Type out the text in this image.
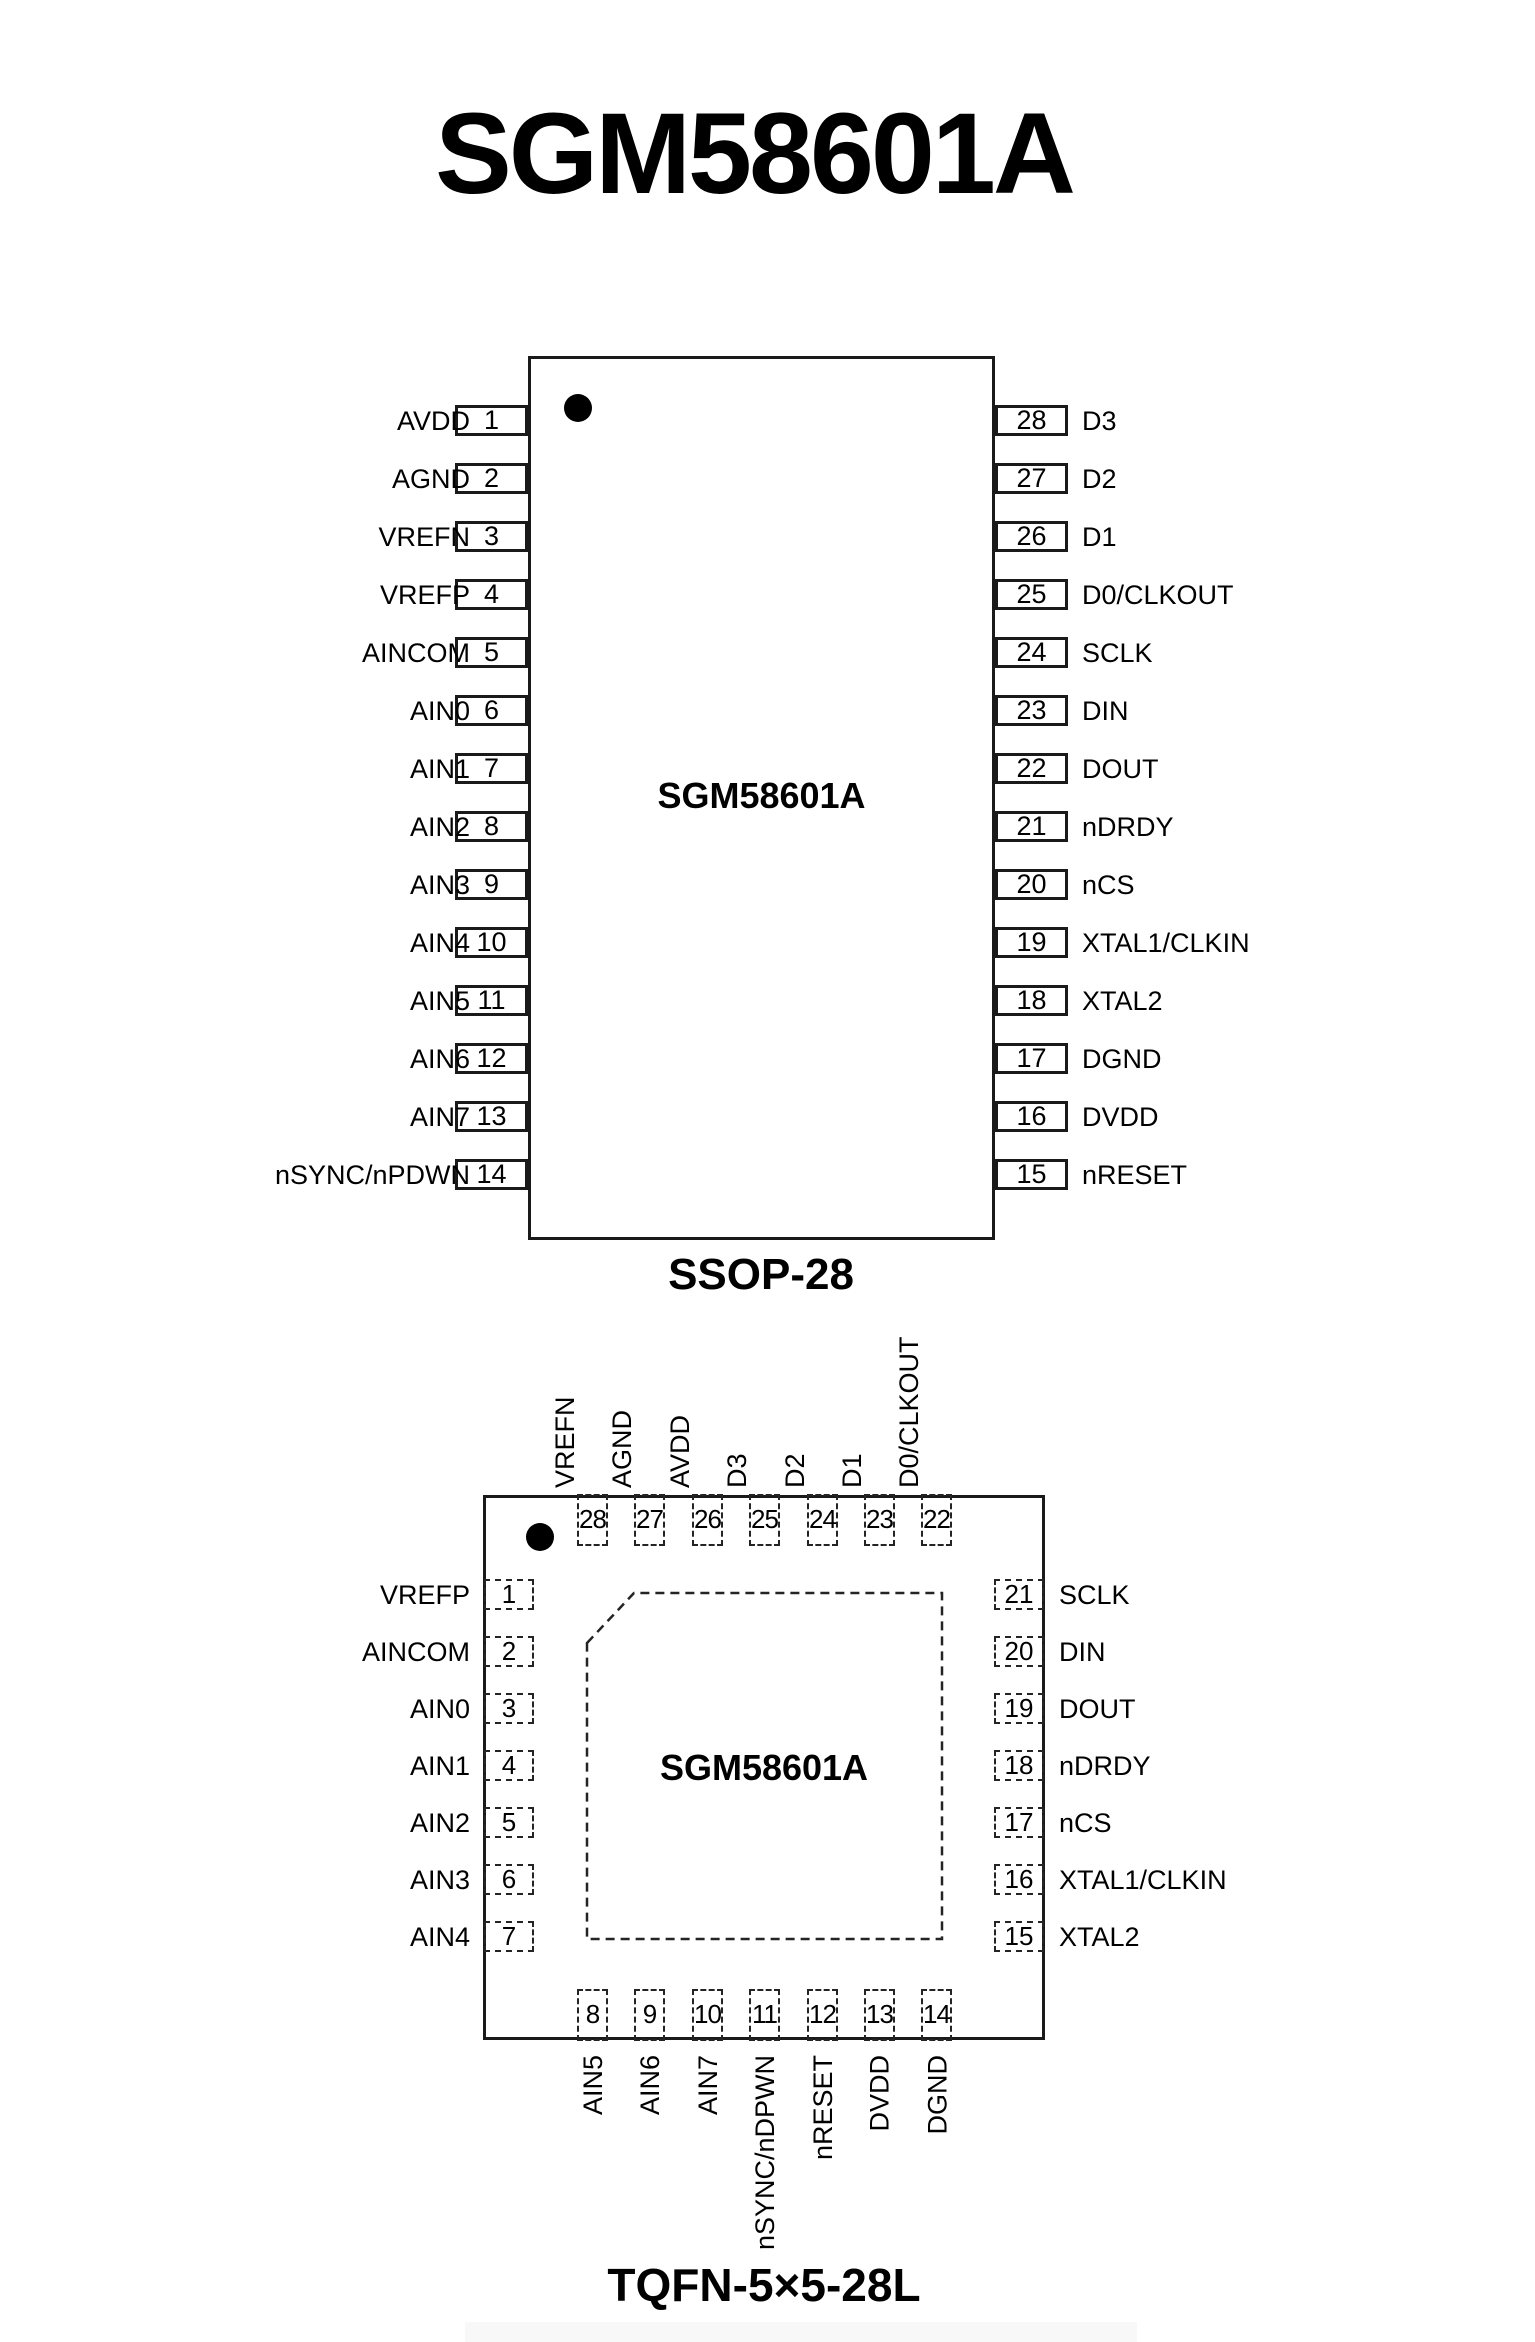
SGM58601A
SGM58601A
SSOP-28
1
AVDD	28	D3
2
AGND	27	D2
3
VREFN	26	D1
4
VREFP	25	D0/CLKOUT
5
AINCOM	24	SCLK
6
AIN0	23	DIN
7
AIN1	22	DOUT
8
AIN2	21	nDRDY
9
AIN3	20	nCS
10
AIN4	19	XTAL1/CLKIN
11
AIN5	18	XTAL2
12
AIN6	17	DGND
13
AIN7	16	DVDD
14
nSYNC/nPDWN	15	nRESET
SGM58601A
TQFN-5×5-28L
28
VREFN
27
AGND
26
AVDD
25
D3
24
D2
23
D1
22
D0/CLKOUT
8
AIN5
9
AIN6
10
AIN7
11
nSYNC/nDPWN
12
nRESET
13
DVDD
14
DGND
1
VREFP
2
AINCOM
3
AIN0
4
AIN1
5
AIN2
6
AIN3
7
AIN4
21 SCLK
20 DIN
19 DOUT
18 nDRDY
17 nCS
16 XTAL1/CLKIN
15 XTAL2
